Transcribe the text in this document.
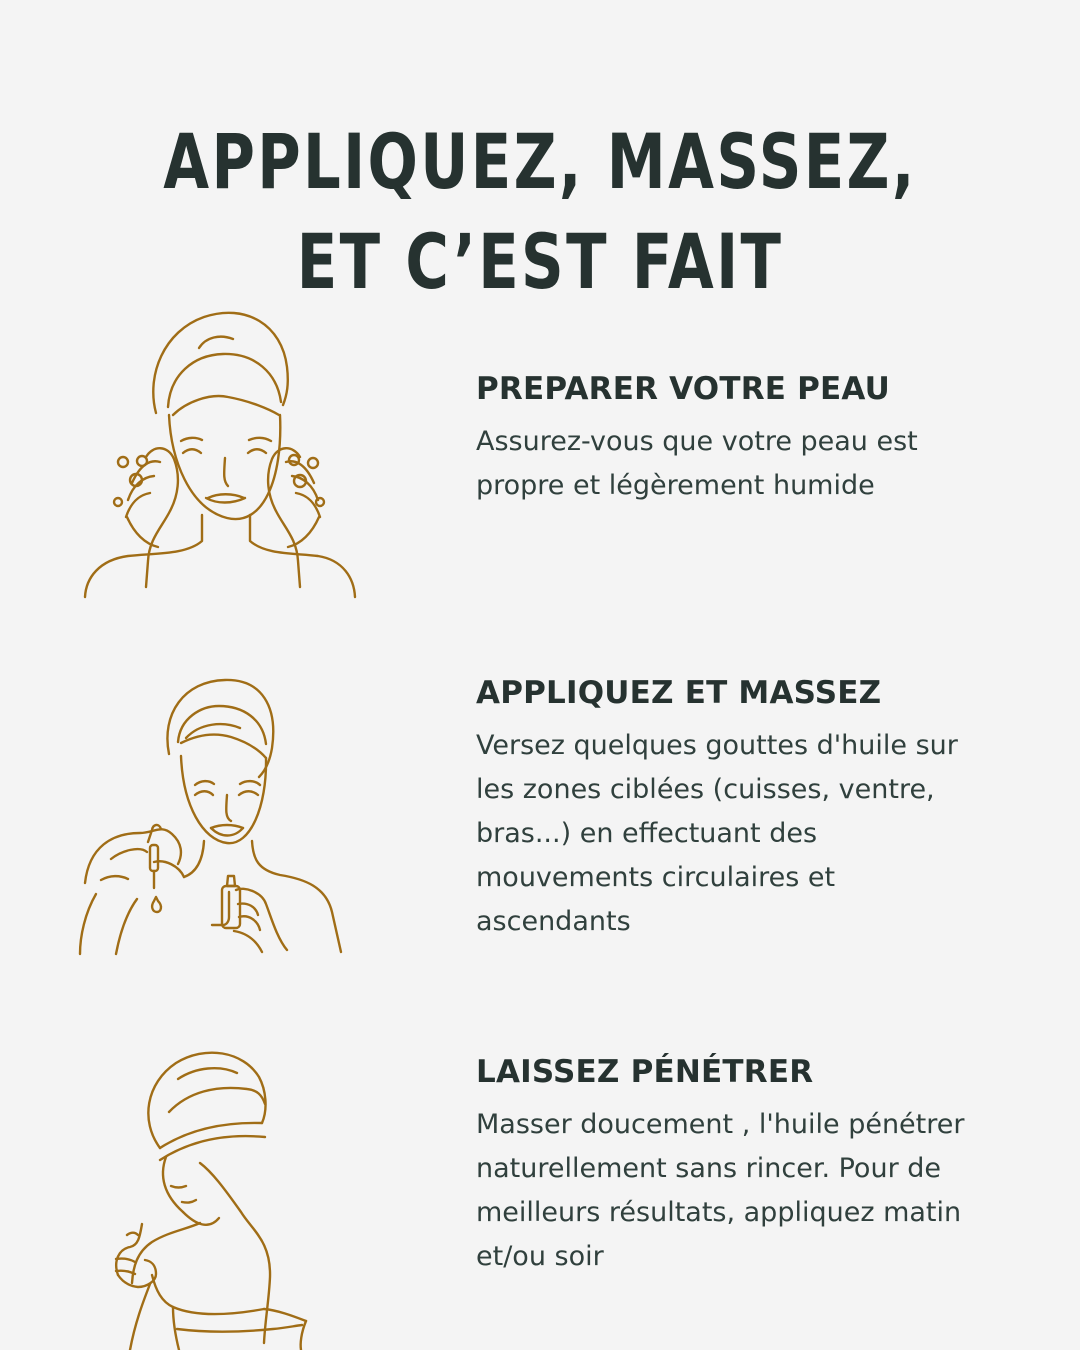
APPLIQUEZ, MASSEZ,
ET C’EST FAIT
PREPARER VOTRE PEAU

Assurez-vous que votre peau est propre et légèrement humide

APPLIQUEZ ET MASSEZ

Versez quelques gouttes d'huile sur les zones ciblées (cuisses, ventre, bras...) en effectuant des mouvements circulaires et ascendants

LAISSEZ PÉNÉTRER

Masser doucement , l'huile pénétrer naturellement sans rincer. Pour de meilleurs résultats, appliquez matin et/ou soir
